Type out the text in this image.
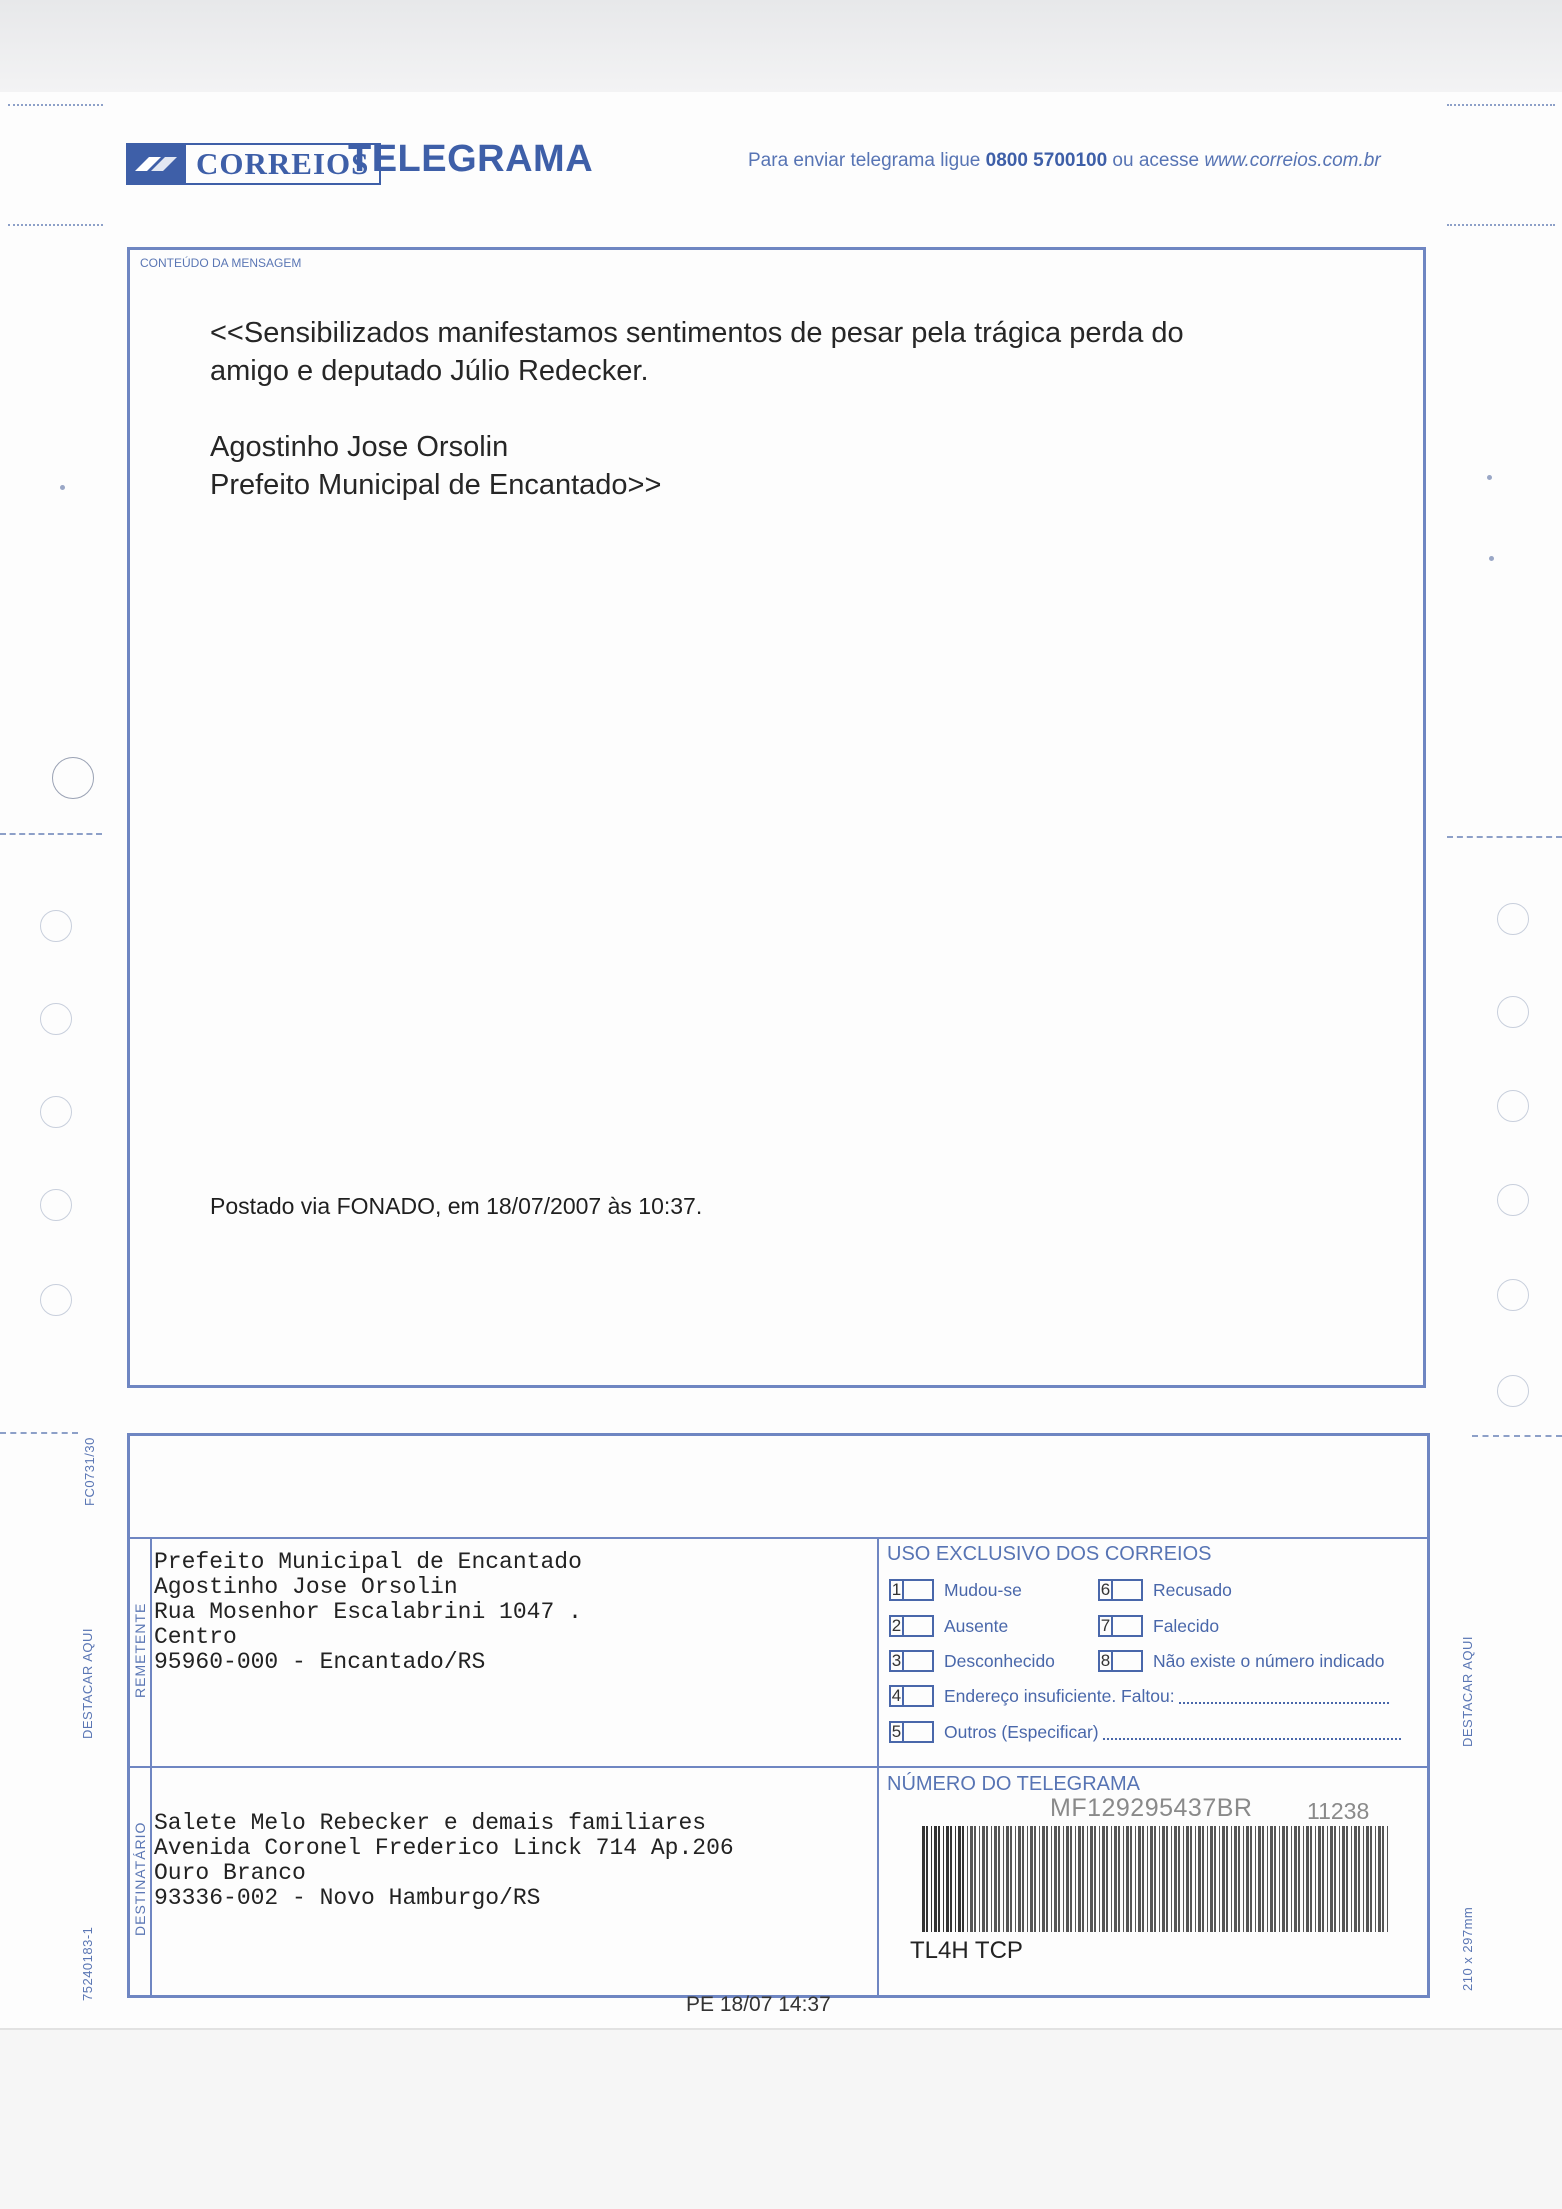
CORREIOS
TELEGRAMA	Para enviar telegrama ligue 0800 5700100 ou acesse www.correios.com.br
CONTEÚDO DA MENSAGEM

<<Sensibilizados manifestamos sentimentos de pesar pela trágica perda do

amigo e deputado Júlio Redecker.

Agostinho Jose Orsolin

Prefeito Municipal de Encantado>>

Postado via FONADO, em 18/07/2007 às 10:37.
FC0731/30
DESTACAR AQUI	DESTACAR AQUI
75240183-1	210 x 297mm
REMETENTE
DESTINATÁRIO
Prefeito Municipal de Encantado
Agostinho Jose Orsolin
Rua Mosenhor Escalabrini 1047 .
Centro
95960-000 - Encantado/RS
Salete Melo Rebecker e demais familiares
Avenida Coronel Frederico Linck 714 Ap.206
Ouro Branco
93336-002 - Novo Hamburgo/RS
USO EXCLUSIVO DOS CORREIOS
1 Mudou-se	6 Recusado
2 Ausente	7 Falecido
3 Desconhecido	8 Não existe o número indicado
4 Endereço insuficiente. Faltou:
5 Outros (Especificar)
NÚMERO DO TELEGRAMA
MF129295437BR 11238
TL4H TCP
PE 18/07 14:37
